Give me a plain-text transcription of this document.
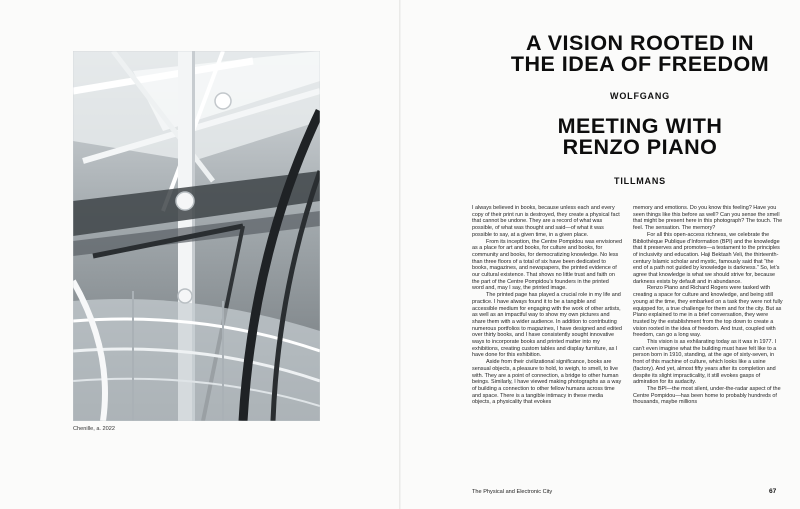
Chenille, a. 2022
A VISION ROOTED IN
THE IDEA OF FREEDOM
WOLFGANG
MEETING WITH
RENZO PIANO
TILLMANS

I always believed in books, because unless each and every copy of their print run is destroyed, they create a physical fact that cannot be undone. They are a record of what was possible, of what was thought and said—of what it was possible to say, at a given time, in a given place.

From its inception, the Centre Pompidou was envisioned as a place for art and books, for culture and books, for community and books, for democratizing knowledge. No less than three floors of a total of six have been dedicated to books, magazines, and newspapers, the printed evidence of our cultural existence. That shows no little trust and faith on the part of the Centre Pompidou’s founders in the printed word and, may I say, the printed image.

The printed page has played a crucial role in my life and practice. I have always found it to be a tangible and accessible medium for engaging with the work of other artists, as well as an impactful way to show my own pictures and share them with a wider audience. In addition to contributing numerous portfolios to magazines, I have designed and edited over thirty books, and I have consistently sought innovative ways to incorporate books and printed matter into my exhibitions, creating custom tables and display furniture, as I have done for this exhibition.

Aside from their civilizational significance, books are sensual objects, a pleasure to hold, to weigh, to smell, to live with. They are a point of connection, a bridge to other human beings. Similarly, I have viewed making photographs as a way of building a connection to other fellow humans across time and space. There is a tangible intimacy in these media objects, a physicality that evokes

memory and emotions. Do you know this feeling? Have you seen things like this before as well? Can you sense the smell that might be present here in this photograph? The touch. The feel. The sensation. The memory?

For all this open-access richness, we celebrate the Bibliothèque Publique d’Information (BPI) and the knowledge that it preserves and promotes—a testament to the principles of inclusivity and education. Haji Bektash Veli, the thirteenth-century Islamic scholar and mystic, famously said that “the end of a path not guided by knowledge is darkness.” So, let’s agree that knowledge is what we should strive for, because darkness exists by default and in abundance.

Renzo Piano and Richard Rogers were tasked with creating a space for culture and knowledge, and being still young at the time, they embarked on a task they were not fully equipped for, a true challenge for them and for the city. But as Piano explained to me in a brief conversation, they were trusted by the establishment from the top down to create a vision rooted in the idea of freedom. And trust, coupled with freedom, can go a long way.

This vision is as exhilarating today as it was in 1977. I can’t even imagine what the building must have felt like to a person born in 1910, standing, at the age of sixty-seven, in front of this machine of culture, which looks like a usine (factory). And yet, almost fifty years after its completion and despite its slight impracticality, it still evokes gasps of admiration for its audacity.

The BPI—the most silent, under-the-radar aspect of the Centre Pompidou—has been home to probably hundreds of thousands, maybe millions

The Physical and Electronic City	67
